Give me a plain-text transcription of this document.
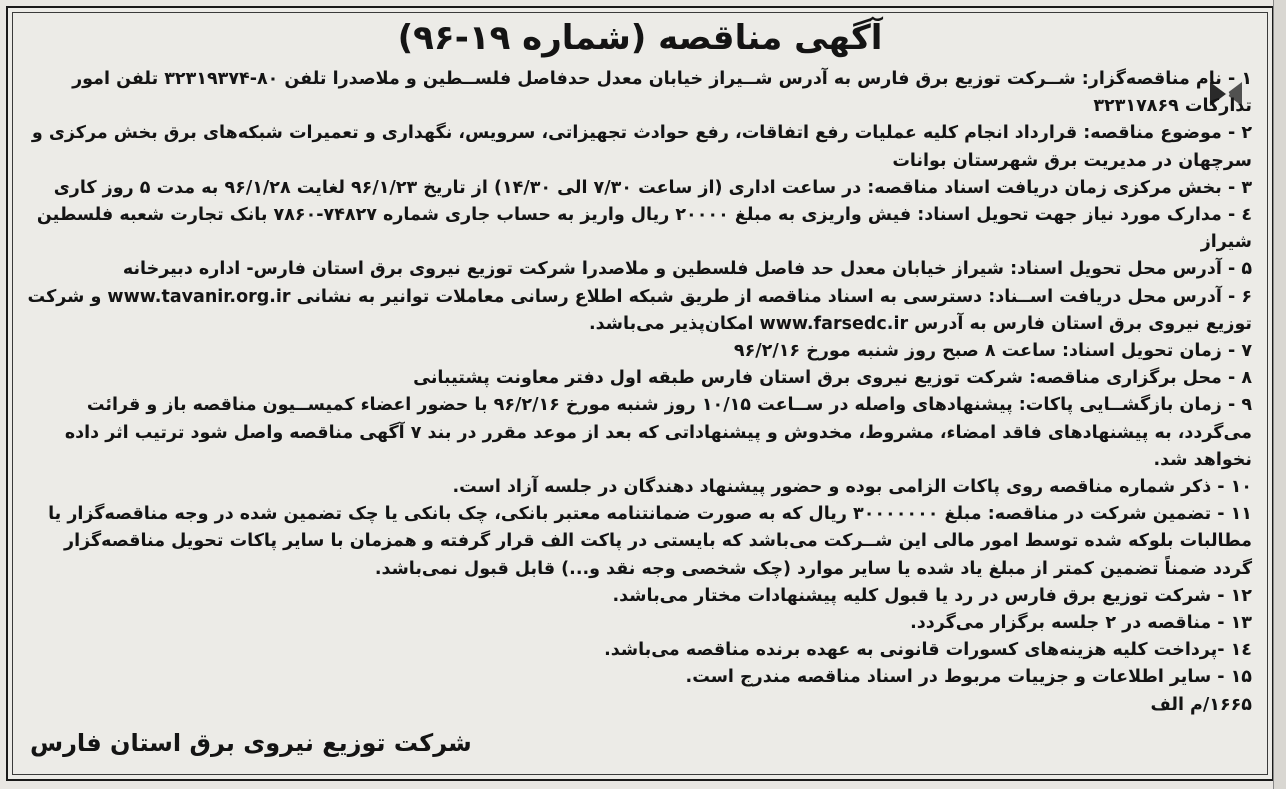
آگهی مناقصه (شماره ۱۹-۹۶)

۱ - نام مناقصه‌گزار: شــرکت توزیع برق فارس به آدرس شــیراز خیابان معدل حدفاصل فلســطین و ملاصدرا تلفن ۸۰-۳۲۳۱۹۳۷۴ تلفن امور تدارکات ۳۲۳۱۷۸۶۹

۲ - موضوع مناقصه: قرارداد انجام کلیه عملیات رفع اتفاقات، رفع حوادث تجهیزاتی، سرویس، نگهداری و تعمیرات شبکه‌های برق بخش مرکزی و سرچهان در مدیریت برق شهرستان بوانات

۳ - بخش مرکزی زمان دریافت اسناد مناقصه: در ساعت اداری (از ساعت ۷/۳۰ الی ۱۴/۳۰) از تاریخ ۹۶/۱/۲۳ لغایت ۹۶/۱/۲۸ به مدت ۵ روز کاری

٤ - مدارک مورد نیاز جهت تحویل اسناد: فیش واریزی به مبلغ ۲۰۰۰۰ ریال واریز به حساب جاری شماره ۷۴۸۲۷-۷۸۶۰ بانک تجارت شعبه فلسطین شیراز

۵ - آدرس محل تحویل اسناد: شیراز خیابان معدل حد فاصل فلسطین و ملاصدرا شرکت توزیع نیروی برق استان فارس- اداره دبیرخانه

۶ - آدرس محل دریافت اســناد: دسترسی به اسناد مناقصه از طریق شبکه اطلاع رسانی معاملات توانیر به نشانی www.tavanir.org.ir و شرکت توزیع نیروی برق استان فارس به آدرس www.farsedc.ir امکان‌پذیر می‌باشد.

۷ - زمان تحویل اسناد: ساعت ۸ صبح روز شنبه مورخ ۹۶/۲/۱۶

۸ - محل برگزاری مناقصه: شرکت توزیع نیروی برق استان فارس طبقه اول دفتر معاونت پشتیبانی

۹ - زمان بازگشــایی پاکات: پیشنهادهای واصله در ســاعت ۱۰/۱۵ روز شنبه مورخ ۹۶/۲/۱۶ با حضور اعضاء کمیســیون مناقصه باز و قرائت می‌گردد، به پیشنهادهای فاقد امضاء، مشروط، مخدوش و پیشنهاداتی که بعد از موعد مقرر در بند ۷ آگهی مناقصه واصل شود ترتیب اثر داده نخواهد شد.

۱۰ - ذکر شماره مناقصه روی پاکات الزامی بوده و حضور پیشنهاد دهندگان در جلسه آزاد است.

۱۱ - تضمین شرکت در مناقصه: مبلغ ۳۰۰۰۰۰۰۰ ریال که به صورت ضمانتنامه معتبر بانکی، چک بانکی یا چک تضمین شده در وجه مناقصه‌گزار یا مطالبات بلوکه شده توسط امور مالی این شــرکت می‌باشد که بایستی در پاکت الف قرار گرفته و همزمان با سایر پاکات تحویل مناقصه‌گزار گردد ضمناً تضمین کمتر از مبلغ یاد شده یا سایر موارد (چک شخصی وجه نقد و...) قابل قبول نمی‌باشد.

۱۲ - شرکت توزیع برق فارس در رد یا قبول کلیه پیشنهادات مختار می‌باشد.

۱۳ - مناقصه در ۲ جلسه برگزار می‌گردد.

۱٤ -پرداخت کلیه هزینه‌های کسورات قانونی به عهده برنده مناقصه می‌باشد.

۱۵ - سایر اطلاعات و جزییات مربوط در اسناد مناقصه مندرج است.

۱۶۶۵/م الف

شرکت توزیع نیروی برق استان فارس
